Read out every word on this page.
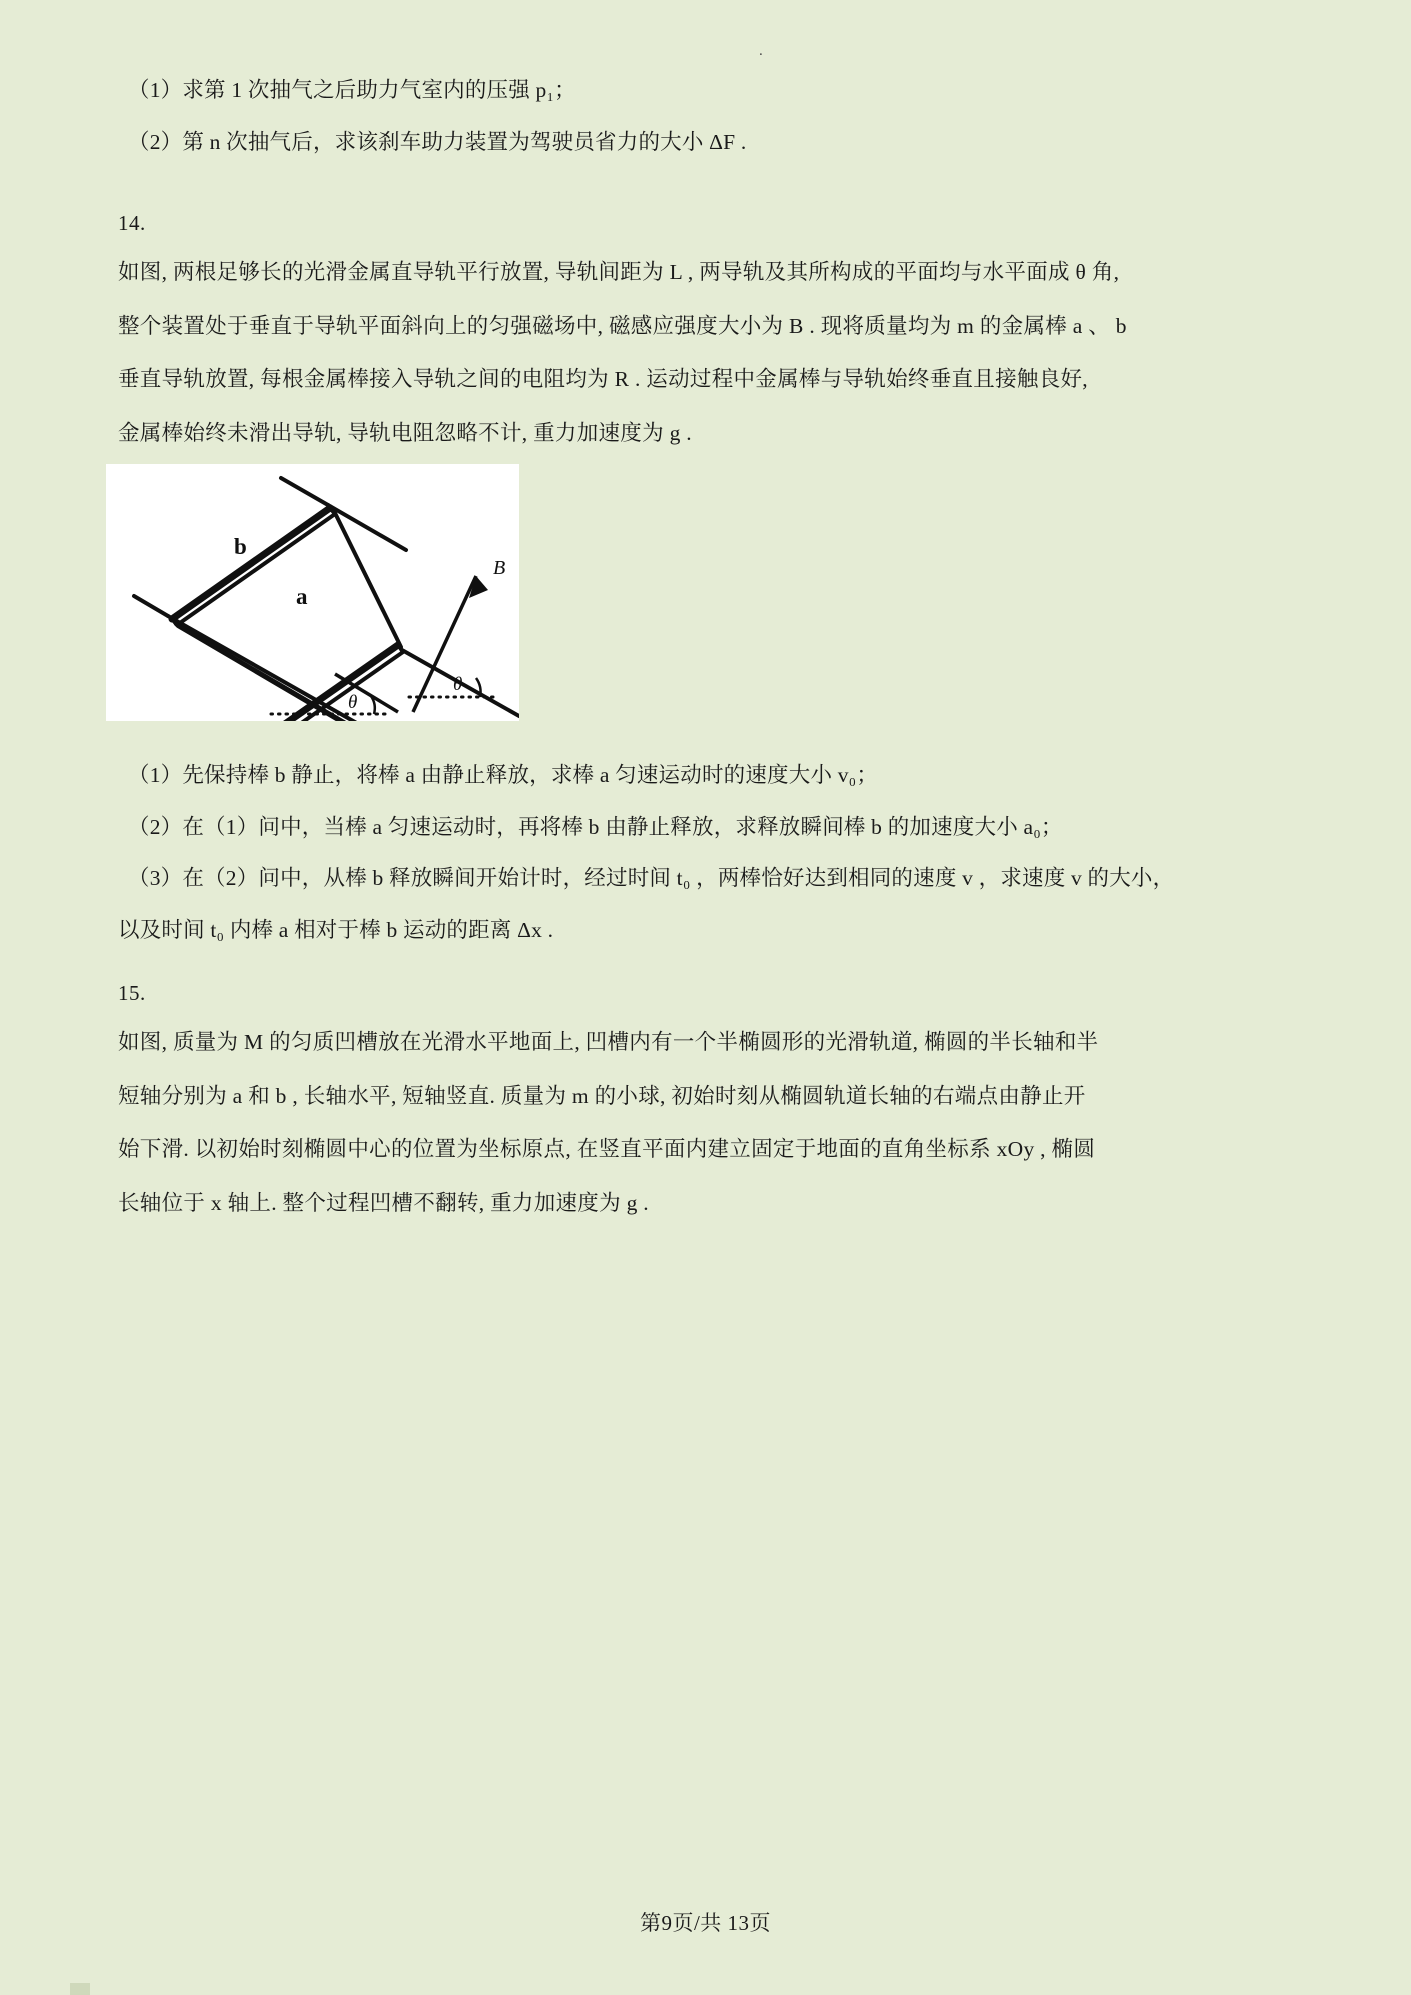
.
（1）求第 1 次抽气之后助力气室内的压强 p₁；
（2）第 n 次抽气后，求该刹车助力装置为驾驶员省力的大小 ΔF .
14.
如图, 两根足够长的光滑金属直导轨平行放置, 导轨间距为 L , 两导轨及其所构成的平面均与水平面成 θ 角,
整个装置处于垂直于导轨平面斜向上的匀强磁场中, 磁感应强度大小为 B . 现将质量均为 m 的金属棒 a 、 b
垂直导轨放置, 每根金属棒接入导轨之间的电阻均为 R . 运动过程中金属棒与导轨始终垂直且接触良好,
金属棒始终未滑出导轨, 导轨电阻忽略不计, 重力加速度为 g .
B
θ
b
a
θ
（1）先保持棒 b 静止，将棒 a 由静止释放，求棒 a 匀速运动时的速度大小 v₀；
（2）在（1）问中，当棒 a 匀速运动时，再将棒 b 由静止释放，求释放瞬间棒 b 的加速度大小 a₀；
（3）在（2）问中，从棒 b 释放瞬间开始计时，经过时间 t₀ ，两棒恰好达到相同的速度 v ，求速度 v 的大小，
以及时间 t₀ 内棒 a 相对于棒 b 运动的距离 Δx .
15.
如图, 质量为 M 的匀质凹槽放在光滑水平地面上, 凹槽内有一个半椭圆形的光滑轨道, 椭圆的半长轴和半
短轴分别为 a 和 b , 长轴水平, 短轴竖直. 质量为 m 的小球, 初始时刻从椭圆轨道长轴的右端点由静止开
始下滑. 以初始时刻椭圆中心的位置为坐标原点, 在竖直平面内建立固定于地面的直角坐标系 xOy , 椭圆
长轴位于 x 轴上. 整个过程凹槽不翻转, 重力加速度为 g .
第9页/共 13页
